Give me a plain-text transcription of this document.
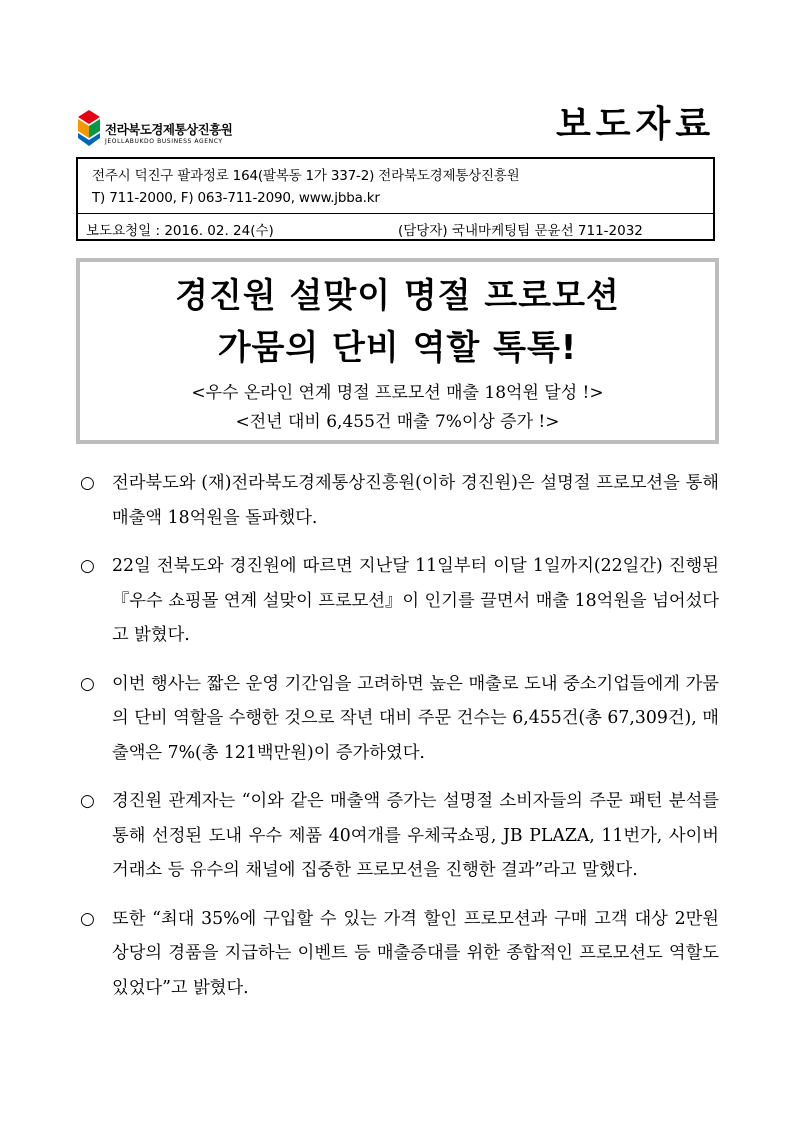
전라북도경제통상진흥원
JEOLLABUKDO BUSINESS AGENCY	보도자료
전주시 덕진구 팔과정로 164(팔복동 1가 337-2) 전라북도경제통상진흥원
T) 711-2000, F) 063-711-2090, www.jbba.kr
보도요청일 : 2016. 02. 24(수)	(담당자) 국내마케팅팀 문윤선 711-2032
경진원 설맞이 명절 프로모션
가뭄의 단비 역할 톡톡!
<우수 온라인 연계 명절 프로모션 매출 18억원 달성 !>
<전년 대비 6,455건 매출 7%이상 증가 !>
○ 전라북도와 (재)전라북도경제통상진흥원(이하 경진원)은 설명절 프로모션을 통해 매출액 18억원을 돌파했다.
○ 22일 전북도와 경진원에 따르면 지난달 11일부터 이달 1일까지(22일간) 진행된『우수 쇼핑몰 연계 설맞이 프로모션』이 인기를 끌면서 매출 18억원을 넘어섰다고 밝혔다.
○ 이번 행사는 짧은 운영 기간임을 고려하면 높은 매출로 도내 중소기업들에게 가뭄의 단비 역할을 수행한 것으로 작년 대비 주문 건수는 6,455건(총 67,309건), 매출액은 7%(총 121백만원)이 증가하였다.
○ 경진원 관계자는 “이와 같은 매출액 증가는 설명절 소비자들의 주문 패턴 분석를 통해 선정된 도내 우수 제품 40여개를 우체국쇼핑, JB PLAZA, 11번가, 사이버거래소 등 유수의 채널에 집중한 프로모션을 진행한 결과”라고 말했다.
○ 또한 “최대 35%에 구입할 수 있는 가격 할인 프로모션과 구매 고객 대상 2만원 상당의 경품을 지급하는 이벤트 등 매출증대를 위한 종합적인 프로모션도 역할도 있었다”고 밝혔다.
